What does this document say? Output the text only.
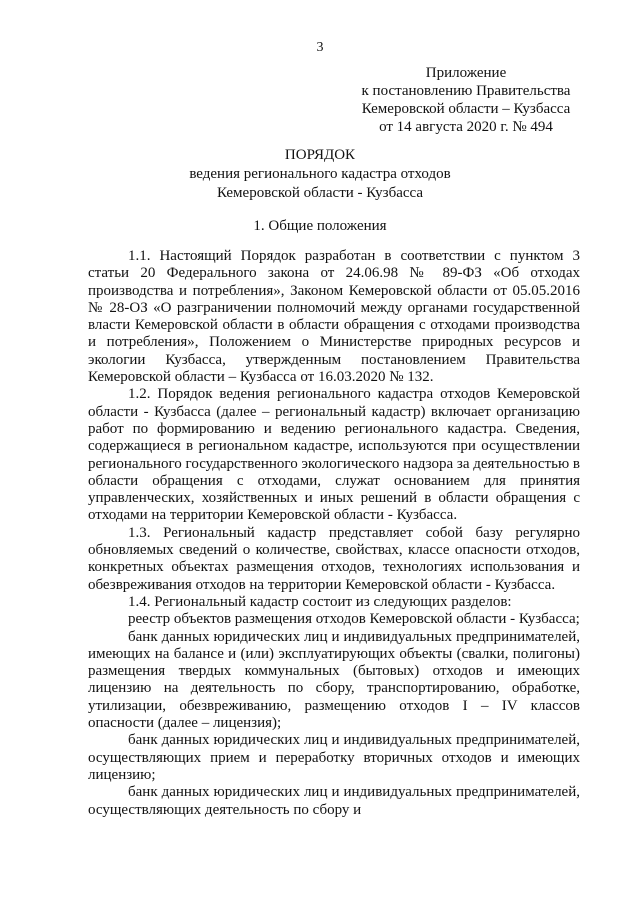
3
Приложение
к постановлению Правительства
Кемеровской области – Кузбасса
от 14 августа 2020 г. № 494
ПОРЯДОК
ведения регионального кадастра отходов
Кемеровской области - Кузбасса
1. Общие положения

1.1. Настоящий Порядок разработан в соответствии с пунктом 3 статьи 20 Федерального закона от 24.06.98 № 89-ФЗ «Об отходах производства и потребления», Законом Кемеровской области от 05.05.2016 № 28-ОЗ «О разграничении полномочий между органами государственной власти Кемеровской области в области обращения с отходами производства и потребления», Положением о Министерстве природных ресурсов и экологии Кузбасса, утвержденным постановлением Правительства Кемеровской области – Кузбасса от 16.03.2020 № 132.

1.2. Порядок ведения регионального кадастра отходов Кемеровской области - Кузбасса (далее – региональный кадастр) включает организацию работ по формированию и ведению регионального кадастра. Сведения, содержащиеся в региональном кадастре, используются при осуществлении регионального государственного экологического надзора за деятельностью в области обращения с отходами, служат основанием для принятия управленческих, хозяйственных и иных решений в области обращения с отходами на территории Кемеровской области - Кузбасса.

1.3. Региональный кадастр представляет собой базу регулярно обновляемых сведений о количестве, свойствах, классе опасности отходов, конкретных объектах размещения отходов, технологиях использования и обезвреживания отходов на территории Кемеровской области - Кузбасса.

1.4. Региональный кадастр состоит из следующих разделов:

реестр объектов размещения отходов Кемеровской области - Кузбасса;

банк данных юридических лиц и индивидуальных предпринимателей, имеющих на балансе и (или) эксплуатирующих объекты (свалки, полигоны) размещения твердых коммунальных (бытовых) отходов и имеющих лицензию на деятельность по сбору, транспортированию, обработке, утилизации, обезвреживанию, размещению отходов I – IV классов опасности (далее – лицензия);

банк данных юридических лиц и индивидуальных предпринимателей, осуществляющих прием и переработку вторичных отходов и имеющих лицензию;

банк данных юридических лиц и индивидуальных предпринимателей, осуществляющих деятельность по сбору и
